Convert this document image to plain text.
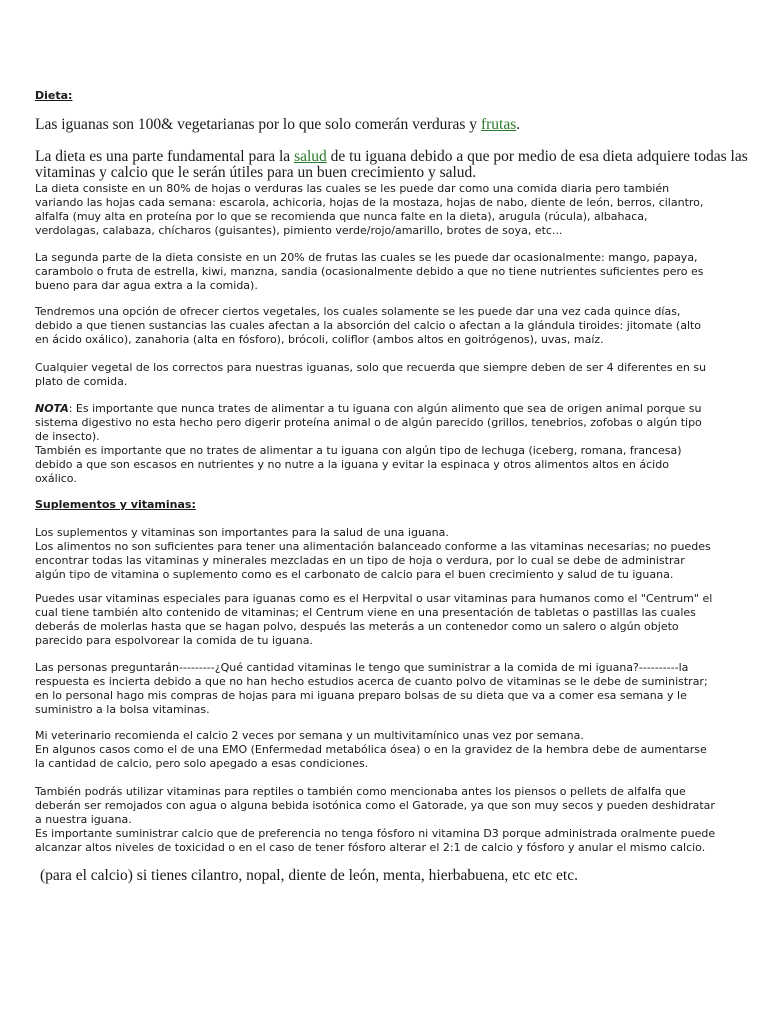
Dieta:

Las iguanas son 100& vegetarianas por lo que solo comerán verduras y frutas.

La dieta es una parte fundamental para la salud de tu iguana debido a que por medio de esa dieta adquiere todas las
vitaminas y calcio que le serán útiles para un buen crecimiento y salud.

La dieta consiste en un 80% de hojas o verduras las cuales se les puede dar como una comida diaria pero también
variando las hojas cada semana: escarola, achicoria, hojas de la mostaza, hojas de nabo, diente de león, berros, cilantro,
alfalfa (muy alta en proteína por lo que se recomienda que nunca falte en la dieta), arugula (rúcula), albahaca,
verdolagas, calabaza, chícharos (guisantes), pimiento verde/rojo/amarillo, brotes de soya, etc...

La segunda parte de la dieta consiste en un 20% de frutas las cuales se les puede dar ocasionalmente: mango, papaya,
carambolo o fruta de estrella, kiwi, manzna, sandia (ocasionalmente debido a que no tiene nutrientes suficientes pero es
bueno para dar agua extra a la comida).

Tendremos una opción de ofrecer ciertos vegetales, los cuales solamente se les puede dar una vez cada quince días,
debido a que tienen sustancias las cuales afectan a la absorción del calcio o afectan a la glándula tiroides: jitomate (alto
en ácido oxálico), zanahoria (alta en fósforo), brócoli, coliflor (ambos altos en goitrógenos), uvas, maíz.

Cualquier vegetal de los correctos para nuestras iguanas, solo que recuerda que siempre deben de ser 4 diferentes en su
plato de comida.

NOTA: Es importante que nunca trates de alimentar a tu iguana con algún alimento que sea de origen animal porque su
sistema digestivo no esta hecho pero digerir proteína animal o de algún parecido (grillos, tenebrios, zofobas o algún tipo
de insecto).
También es importante que no trates de alimentar a tu iguana con algún tipo de lechuga (iceberg, romana, francesa)
debido a que son escasos en nutrientes y no nutre a la iguana y evitar la espinaca y otros alimentos altos en ácido
oxálico.

Suplementos y vitaminas:

Los suplementos y vitaminas son importantes para la salud de una iguana.
Los alimentos no son suficientes para tener una alimentación balanceado conforme a las vitaminas necesarias; no puedes
encontrar todas las vitaminas y minerales mezcladas en un tipo de hoja o verdura, por lo cual se debe de administrar
algún tipo de vitamina o suplemento como es el carbonato de calcio para el buen crecimiento y salud de tu iguana.

Puedes usar vitaminas especiales para iguanas como es el Herpvital o usar vitaminas para humanos como el "Centrum" el
cual tiene también alto contenido de vitaminas; el Centrum viene en una presentación de tabletas o pastillas las cuales
deberás de molerlas hasta que se hagan polvo, después las meterás a un contenedor como un salero o algún objeto
parecido para espolvorear la comida de tu iguana.

Las personas preguntarán---------¿Qué cantidad vitaminas le tengo que suministrar a la comida de mi iguana?----------la
respuesta es incierta debido a que no han hecho estudios acerca de cuanto polvo de vitaminas se le debe de suministrar;
en lo personal hago mis compras de hojas para mi iguana preparo bolsas de su dieta que va a comer esa semana y le
suministro a la bolsa vitaminas.

Mi veterinario recomienda el calcio 2 veces por semana y un multivitamínico unas vez por semana.
En algunos casos como el de una EMO (Enfermedad metabólica ósea) o en la gravidez de la hembra debe de aumentarse
la cantidad de calcio, pero solo apegado a esas condiciones.

También podrás utilizar vitaminas para reptiles o también como mencionaba antes los piensos o pellets de alfalfa que
deberán ser remojados con agua o alguna bebida isotónica como el Gatorade, ya que son muy secos y pueden deshidratar
a nuestra iguana.
Es importante suministrar calcio que de preferencia no tenga fósforo ni vitamina D3 porque administrada oralmente puede
alcanzar altos niveles de toxicidad o en el caso de tener fósforo alterar el 2:1 de calcio y fósforo y anular el mismo calcio.

(para el calcio) si tienes cilantro, nopal, diente de león, menta, hierbabuena, etc etc etc.
